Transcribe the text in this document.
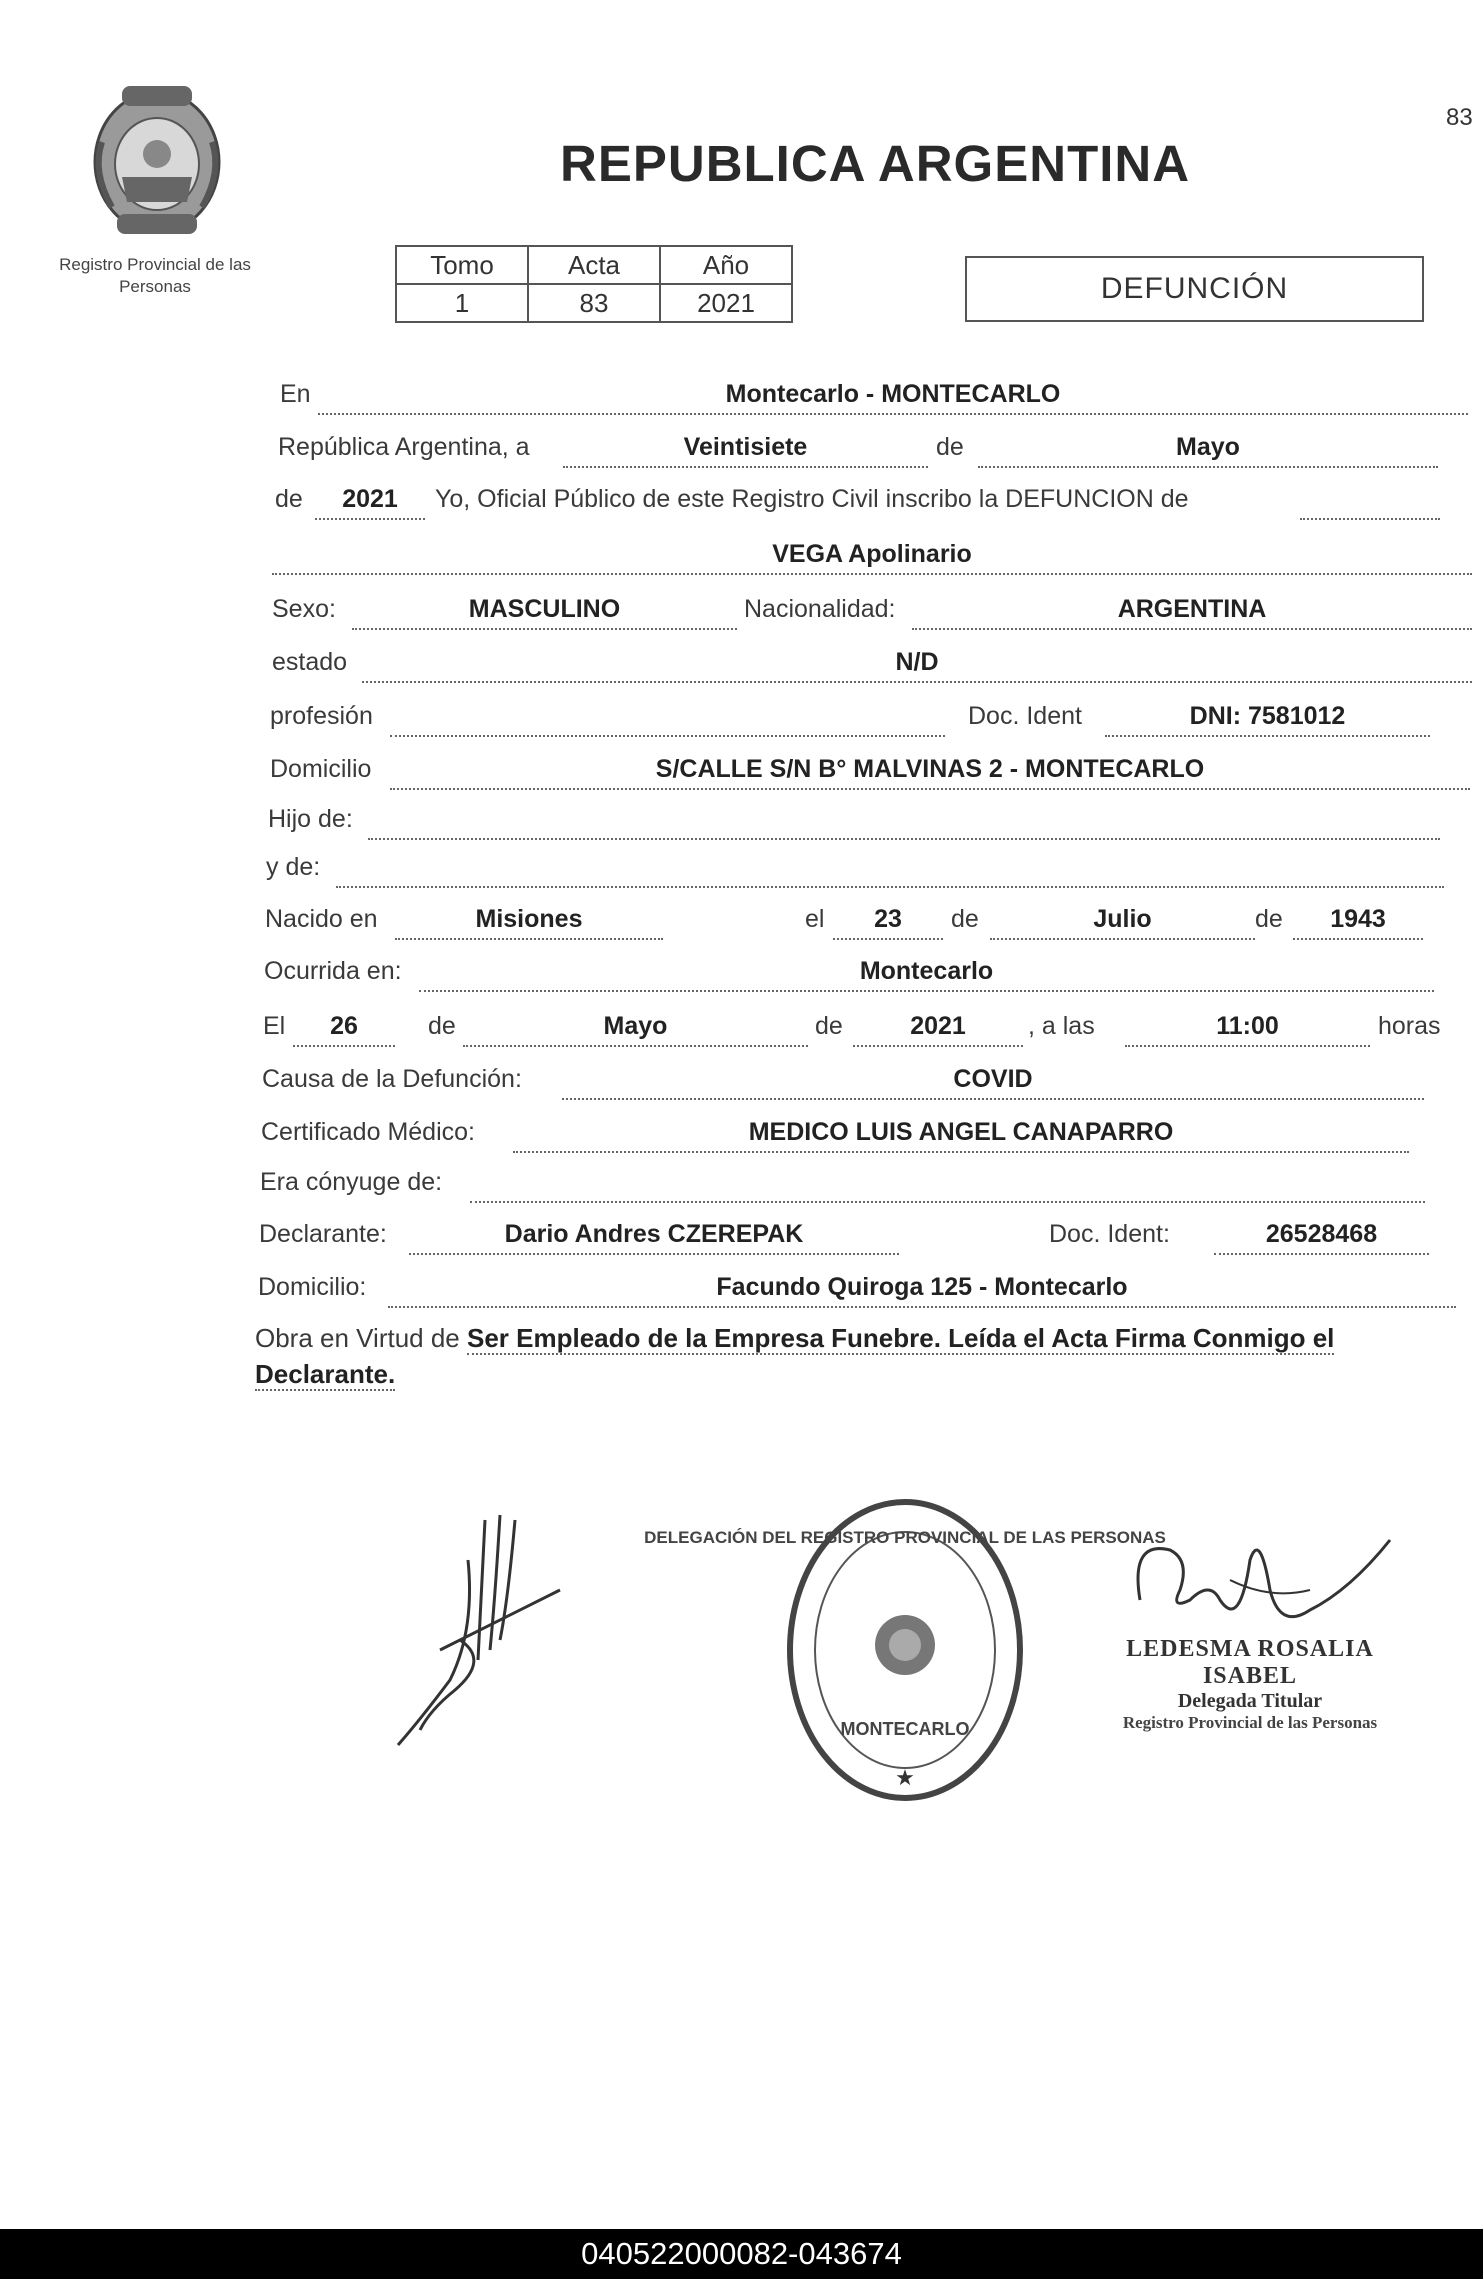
83
Registro Provincial de las Personas
REPUBLICA ARGENTINA
Tomo	Acta	Año
1	83	2021	DEFUNCIÓN
En	Montecarlo - MONTECARLO
República Argentina, a	Veintisiete	de	Mayo
de	2021	Yo, Oficial Público de este Registro Civil inscribo la DEFUNCION de
VEGA Apolinario
Sexo:	MASCULINO	Nacionalidad:	ARGENTINA
estado	N/D
profesión	Doc. Ident	DNI: 7581012
Domicilio	S/CALLE S/N B° MALVINAS 2 - MONTECARLO
Hijo de:
y de:
Nacido en	Misiones	el	23	de	Julio	de	1943
Ocurrida en:	Montecarlo
El	26	de	Mayo	de	2021	, a las	11:00	horas
Causa de la Defunción:	COVID
Certificado Médico:	MEDICO LUIS ANGEL CANAPARRO
Era cónyuge de:
Declarante:	Dario Andres CZEREPAK	Doc. Ident:	26528468
Domicilio:	Facundo Quiroga 125 - Montecarlo
Obra en Virtud de Ser Empleado de la Empresa Funebre. Leída el Acta Firma Conmigo el Declarante.
DELEGACIÓN DEL REGISTRO PROVINCIAL DE LAS PERSONAS
MONTECARLO
★
LEDESMA ROSALIA ISABEL
Delegada Titular
Registro Provincial de las Personas
040522000082-043674
